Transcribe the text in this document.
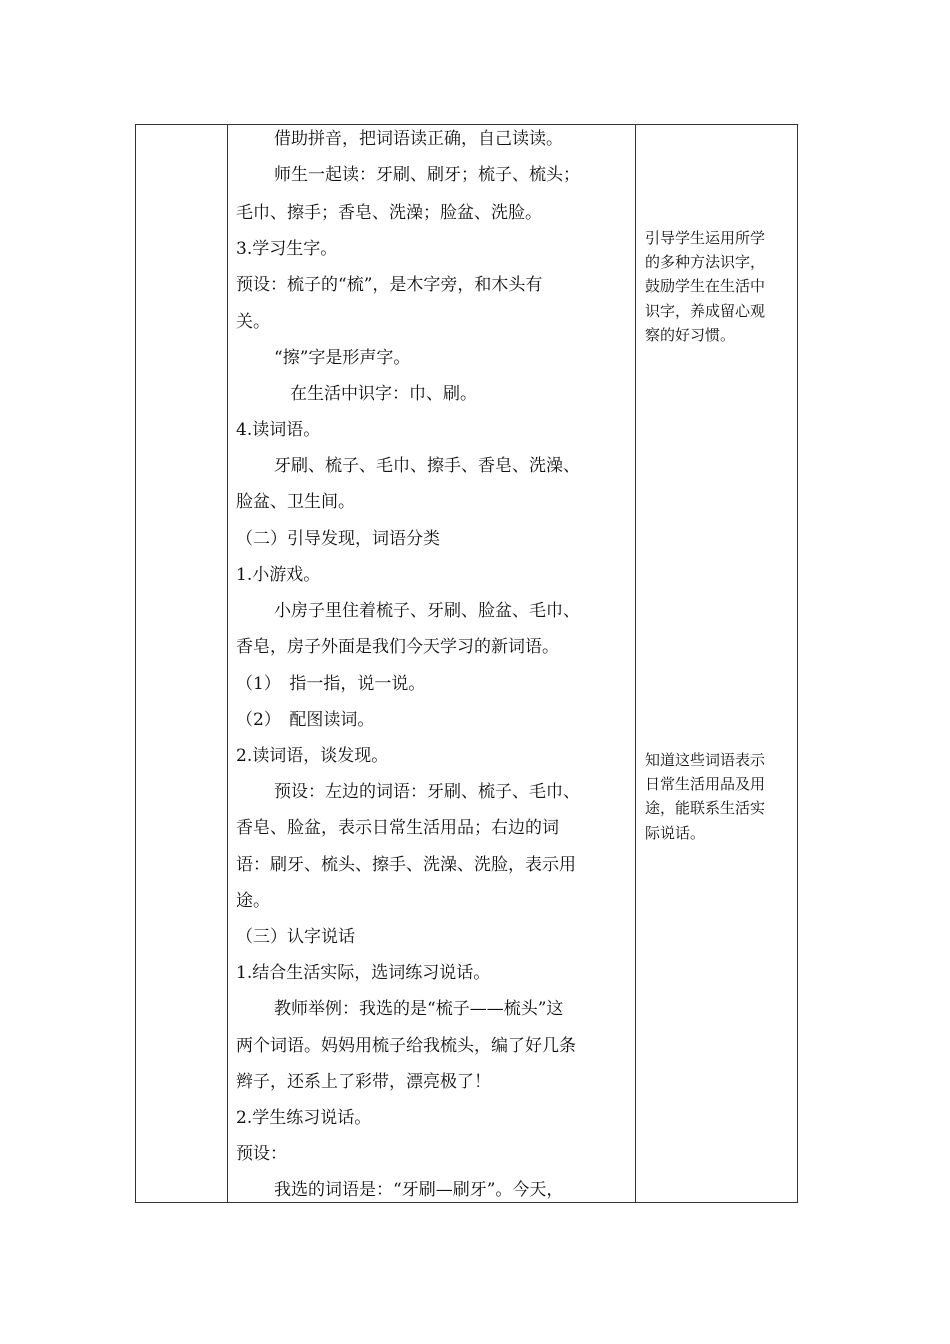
借助拼音，把词语读正确，自己读读。
师生一起读：牙刷、刷牙；梳子、梳头；
毛巾、擦手；香皂、洗澡；脸盆、洗脸。
3.学习生字。
预设：梳子的“梳”，是木字旁，和木头有
关。
“擦”字是形声字。
在生活中识字：巾、刷。
4.读词语。
牙刷、梳子、毛巾、擦手、香皂、洗澡、
脸盆、卫生间。
（二）引导发现，词语分类
1.小游戏。
小房子里住着梳子、牙刷、脸盆、毛巾、
香皂，房子外面是我们今天学习的新词语。
（1）　指一指，说一说。
（2）　配图读词。
2.读词语，谈发现。
预设：左边的词语：牙刷、梳子、毛巾、
香皂、脸盆，表示日常生活用品；右边的词
语：刷牙、梳头、擦手、洗澡、洗脸，表示用
途。
（三）认字说话
1.结合生活实际，选词练习说话。
教师举例：我选的是“梳子——梳头”这
两个词语。妈妈用梳子给我梳头，编了好几条
辫子，还系上了彩带，漂亮极了！
2.学生练习说话。
预设：
我选的词语是：“牙刷—刷牙”。今天，
引导学生运用所学
的多种方法识字，
鼓励学生在生活中
识字，养成留心观
察的好习惯。
知道这些词语表示
日常生活用品及用
途，能联系生活实
际说话。
